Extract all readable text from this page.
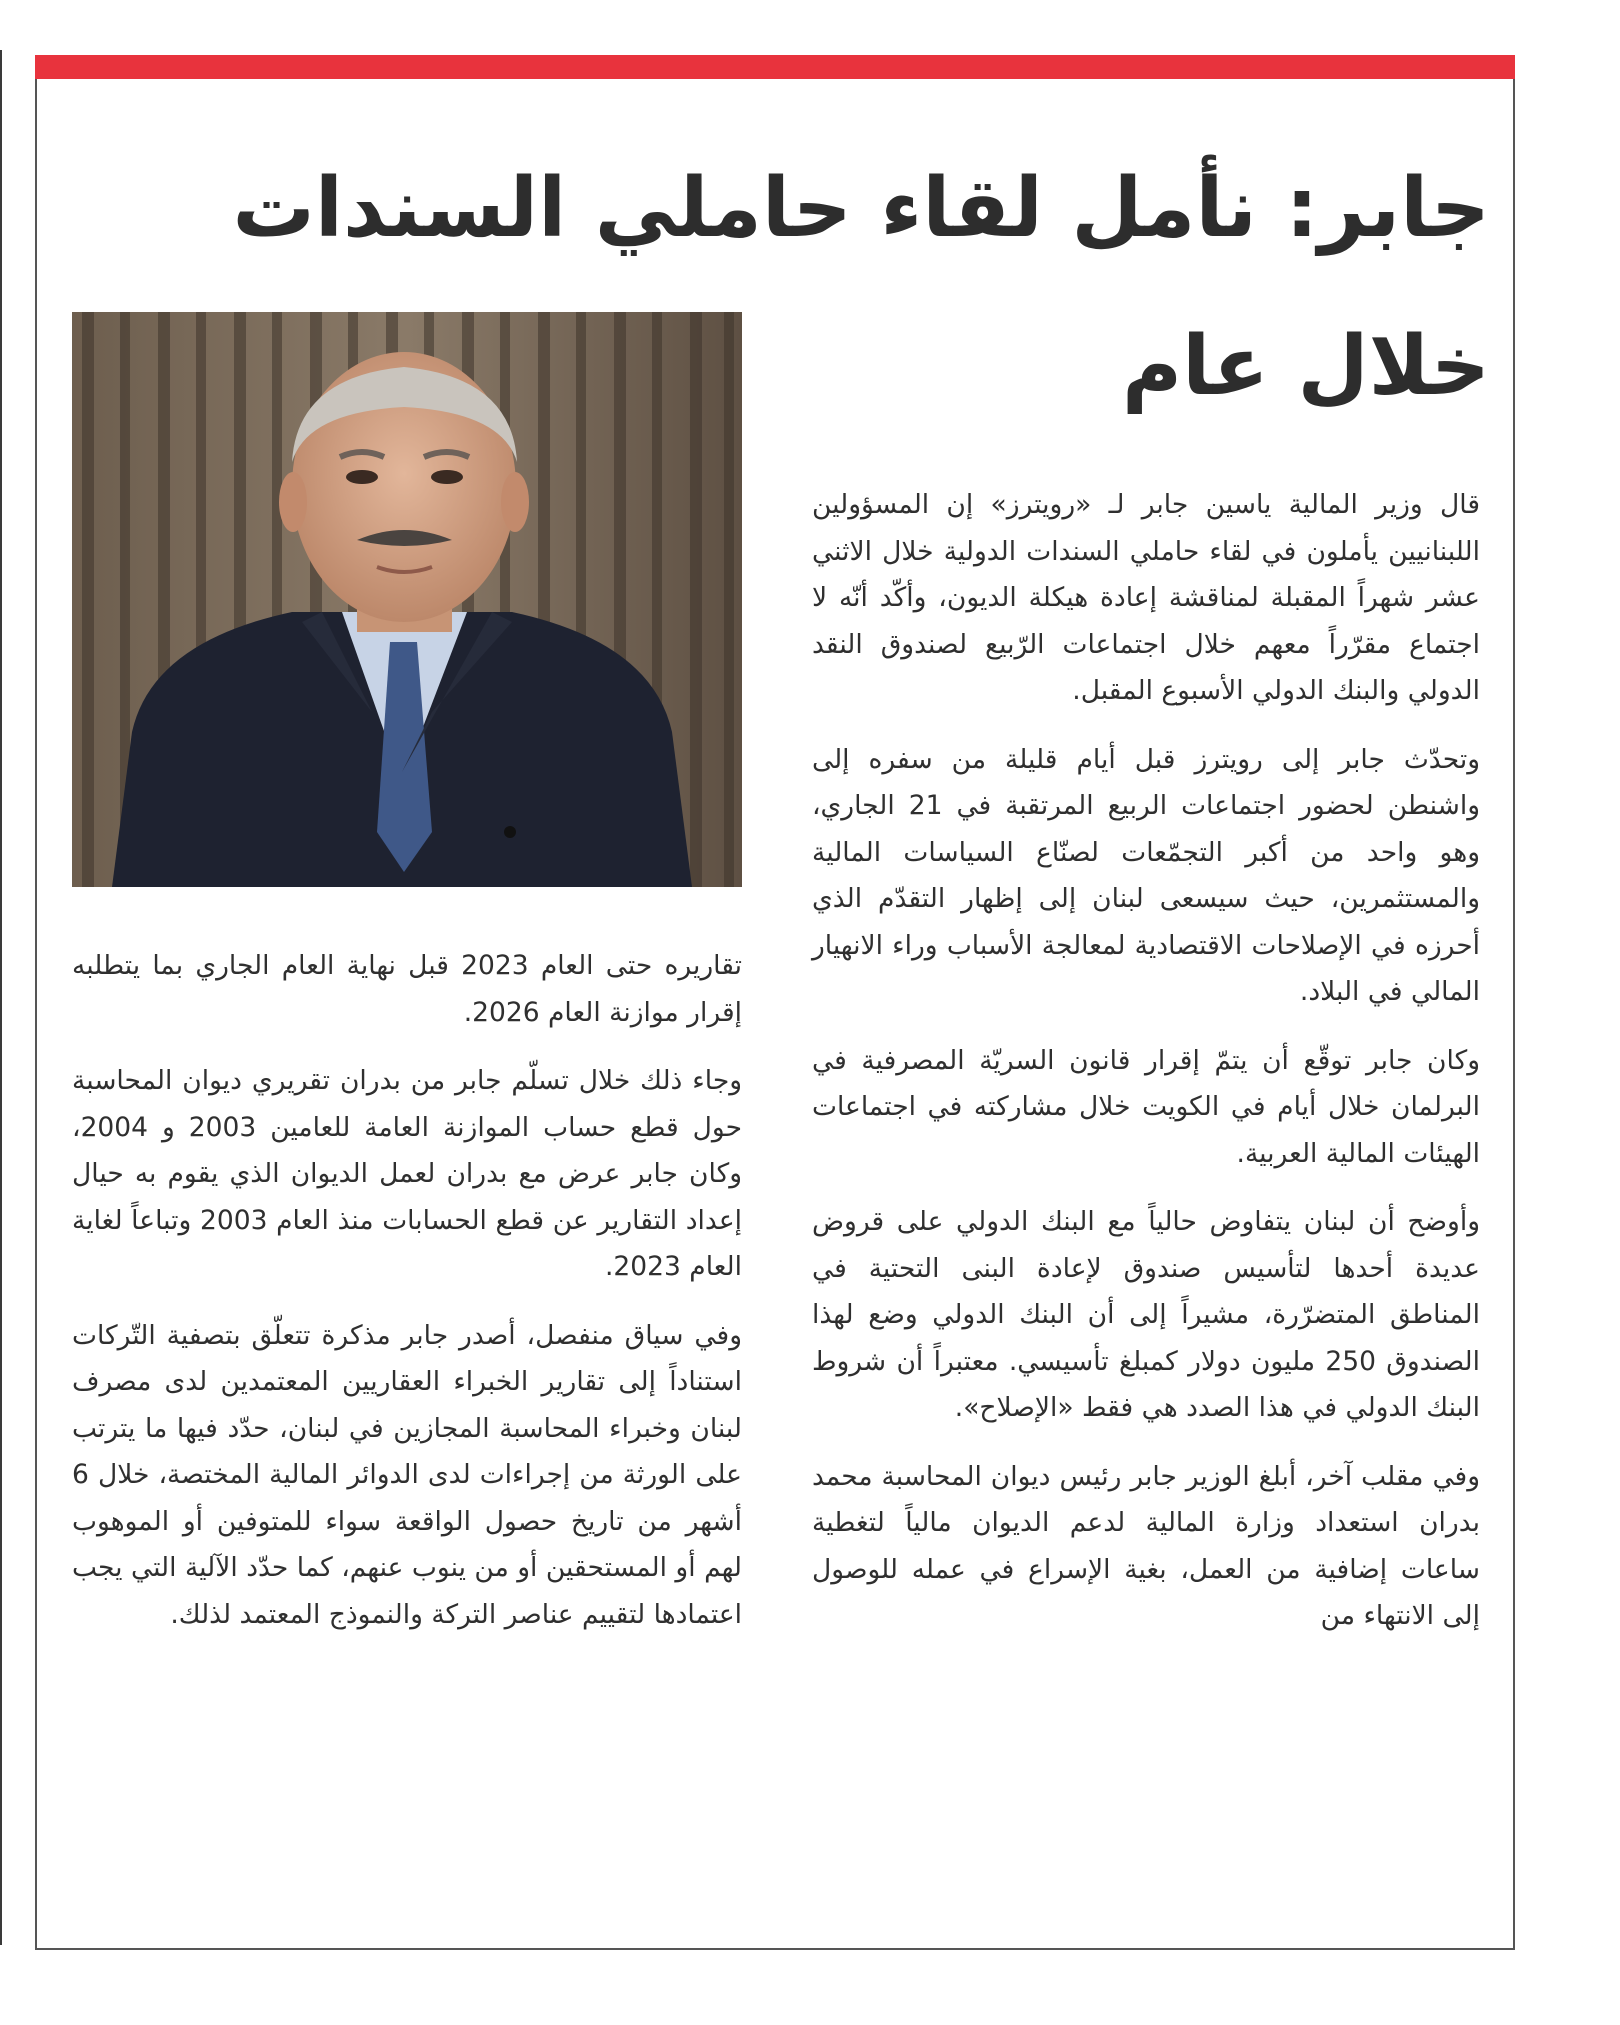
جابر: نأمل لقاء حاملي السندات خلال عام

قال وزير المالية ياسين جابر لـ «رويترز» إن المسؤولين اللبنانيين يأملون في لقاء حاملي السندات الدولية خلال الاثني عشر شهراً المقبلة لمناقشة إعادة هيكلة الديون، وأكّد أنّه لا اجتماع مقرّراً معهم خلال اجتماعات الرّبيع لصندوق النقد الدولي والبنك الدولي الأسبوع المقبل.

وتحدّث جابر إلى رويترز قبل أيام قليلة من سفره إلى واشنطن لحضور اجتماعات الربيع المرتقبة في 21 الجاري، وهو واحد من أكبر التجمّعات لصنّاع السياسات المالية والمستثمرين، حيث سيسعى لبنان إلى إظهار التقدّم الذي أحرزه في الإصلاحات الاقتصادية لمعالجة الأسباب وراء الانهيار المالي في البلاد.

وكان جابر توقّع أن يتمّ إقرار قانون السريّة المصرفية في البرلمان خلال أيام في الكويت خلال مشاركته في اجتماعات الهيئات المالية العربية.

وأوضح أن لبنان يتفاوض حالياً مع البنك الدولي على قروض عديدة أحدها لتأسيس صندوق لإعادة البنى التحتية في المناطق المتضرّرة، مشيراً إلى أن البنك الدولي وضع لهذا الصندوق 250 مليون دولار كمبلغ تأسيسي. معتبراً أن شروط البنك الدولي في هذا الصدد هي فقط «الإصلاح».

وفي مقلب آخر، أبلغ الوزير جابر رئيس ديوان المحاسبة محمد بدران استعداد وزارة المالية لدعم الديوان مالياً لتغطية ساعات إضافية من العمل، بغية الإسراع في عمله للوصول إلى الانتهاء من

تقاريره حتى العام 2023 قبل نهاية العام الجاري بما يتطلبه إقرار موازنة العام 2026.

وجاء ذلك خلال تسلّم جابر من بدران تقريري ديوان المحاسبة حول قطع حساب الموازنة العامة للعامين 2003 و 2004، وكان جابر عرض مع بدران لعمل الديوان الذي يقوم به حيال إعداد التقارير عن قطع الحسابات منذ العام 2003 وتباعاً لغاية العام 2023.

وفي سياق منفصل، أصدر جابر مذكرة تتعلّق بتصفية التّركات استناداً إلى تقارير الخبراء العقاريين المعتمدين لدى مصرف لبنان وخبراء المحاسبة المجازين في لبنان، حدّد فيها ما يترتب على الورثة من إجراءات لدى الدوائر المالية المختصة، خلال 6 أشهر من تاريخ حصول الواقعة سواء للمتوفين أو الموهوب لهم أو المستحقين أو من ينوب عنهم، كما حدّد الآلية التي يجب اعتمادها لتقييم عناصر التركة والنموذج المعتمد لذلك.
